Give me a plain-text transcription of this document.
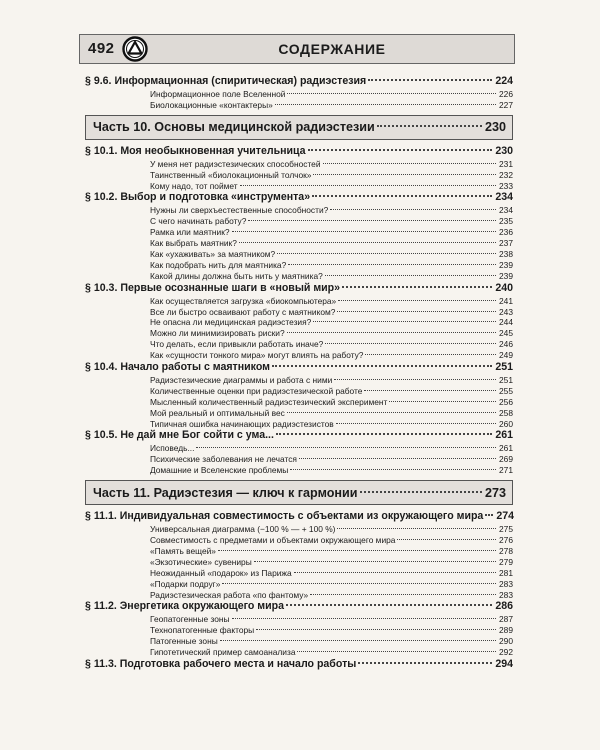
492	СОДЕРЖАНИЕ
§ 9.6. Информационная (спиритическая) радиэстезия	224
Информационное поле Вселенной	226
Биолокационные «контактеры»	227
Часть 10. Основы медицинской радиэстезии	230
§ 10.1. Моя необыкновенная учительница	230
У меня нет радиэстезических способностей	231
Таинственный «биолокационный толчок»	232
Кому надо, тот поймет	233
§ 10.2. Выбор и подготовка «инструмента»	234
Нужны ли сверхъестественные способности?	234
С чего начинать работу?	235
Рамка или маятник?	236
Как выбрать маятник?	237
Как «ухаживать» за маятником?	238
Как подобрать нить для маятника?	239
Какой длины должна быть нить у маятника?	239
§ 10.3. Первые осознанные шаги в «новый мир»	240
Как осуществляется загрузка «биокомпьютера»	241
Все ли быстро осваивают работу с маятником?	243
Не опасна ли медицинская радиэстезия?	244
Можно ли минимизировать риски?	245
Что делать, если привыкли работать иначе?	246
Как «сущности тонкого мира» могут влиять на работу?	249
§ 10.4. Начало работы с маятником	251
Радиэстезические диаграммы и работа с ними	251
Количественные оценки при радиэстезической работе	255
Мысленный количественный радиэстезический эксперимент	256
Мой реальный и оптимальный вес	258
Типичная ошибка начинающих радиэстезистов	260
§ 10.5. Не дай мне Бог сойти с ума...	261
Исповедь...	261
Психические заболевания не лечатся	269
Домашние и Вселенские проблемы	271
Часть 11. Радиэстезия — ключ к гармонии	273
§ 11.1. Индивидуальная совместимость с объектами из окружающего мира 274
Универсальная диаграмма (−100 % — + 100 %)	275
Совместимость с предметами и объектами окружающего мира	276
«Память вещей»	278
«Экзотические» сувениры	279
Неожиданный «подарок» из Парижа	281
«Подарки подруг»	283
Радиэстезическая работа «по фантому»	283
§ 11.2. Энергетика окружающего мира	286
Геопатогенные зоны	287
Технопатогенные факторы	289
Патогенные зоны	290
Гипотетический пример самоанализа	292
§ 11.3. Подготовка рабочего места и начало работы	294
